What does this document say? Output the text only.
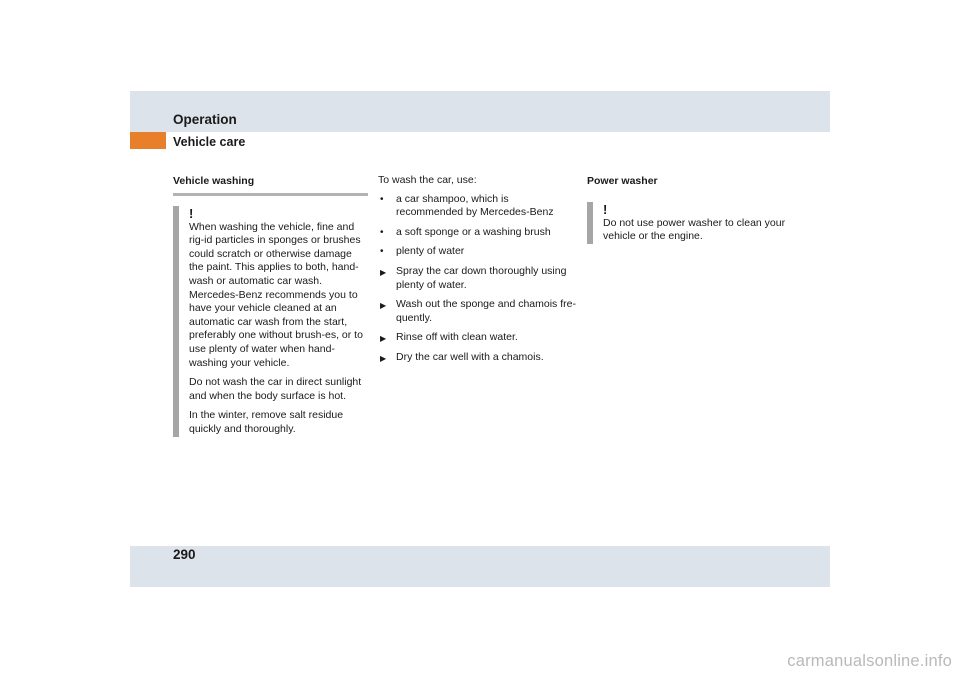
Operation
Vehicle care
Vehicle washing
!

When washing the vehicle, fine and rig-id particles in sponges or brushes could scratch or otherwise damage the paint. This applies to both, hand-wash or automatic car wash. Mercedes-Benz recommends you to have your vehicle cleaned at an automatic car wash from the start, preferably one without brush-es, or to use plenty of water when hand-washing your vehicle.

Do not wash the car in direct sunlight and when the body surface is hot.

In the winter, remove salt residue quickly and thoroughly.

To wash the car, use:

• a car shampoo, which is recommended by Mercedes-Benz
• a soft sponge or a washing brush
• plenty of water
▶ Spray the car down thoroughly using plenty of water.
▶ Wash out the sponge and chamois fre-quently.
▶ Rinse off with clean water.
▶ Dry the car well with a chamois.
Power washer
!

Do not use power washer to clean your vehicle or the engine.

290
carmanualsonline.info
